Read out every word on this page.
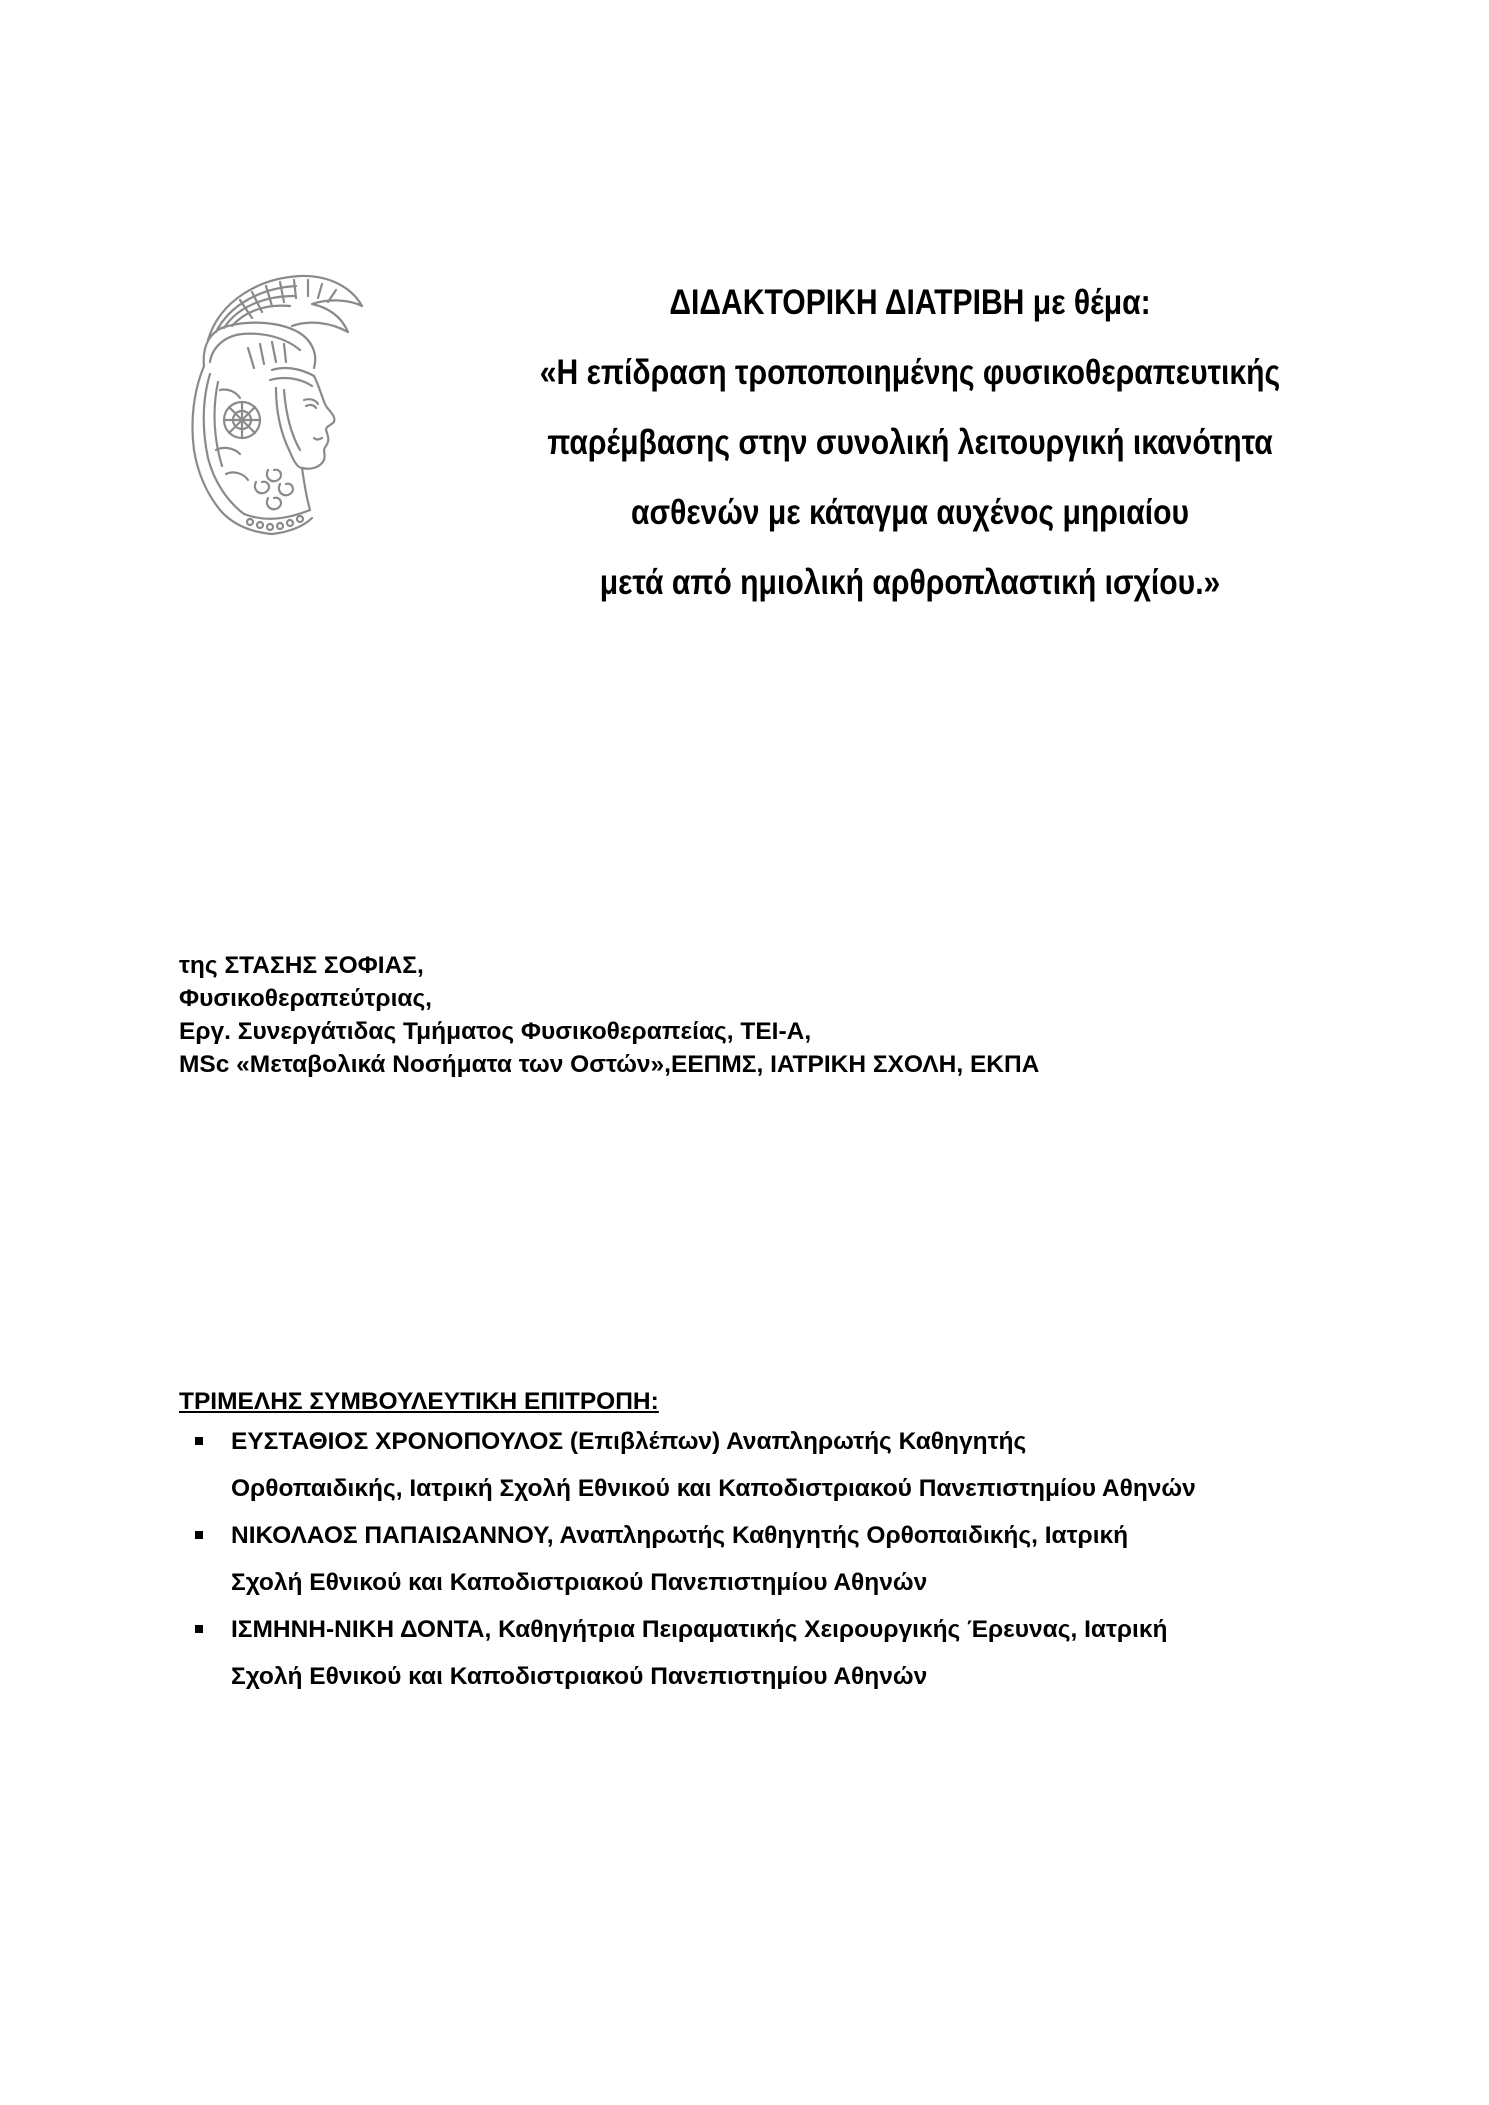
ΔΙΔΑΚΤΟΡΙΚΗ ΔΙΑΤΡΙΒΗ με θέμα:
«Η επίδραση τροποποιημένης φυσικοθεραπευτικής
παρέμβασης στην συνολική λειτουργική ικανότητα
ασθενών με κάταγμα αυχένος μηριαίου
μετά από ημιολική αρθροπλαστική ισχίου.»
της ΣΤΑΣΗΣ ΣΟΦΙΑΣ,
Φυσικοθεραπεύτριας,
Εργ. Συνεργάτιδας Τμήματος Φυσικοθεραπείας, ΤΕΙ-Α,
MSc «Μεταβολικά Νοσήματα των Οστών»,ΕΕΠΜΣ, ΙΑΤΡΙΚΗ ΣΧΟΛΗ, ΕΚΠΑ
ΤΡΙΜΕΛΗΣ ΣΥΜΒΟΥΛΕΥΤΙΚΗ ΕΠΙΤΡΟΠΗ:
ΕΥΣΤΑΘΙΟΣ ΧΡΟΝΟΠΟΥΛΟΣ (Επιβλέπων) Αναπληρωτής Καθηγητής
Ορθοπαιδικής, Ιατρική Σχολή Εθνικού και Καποδιστριακού Πανεπιστημίου Αθηνών
ΝΙΚΟΛΑΟΣ ΠΑΠΑΙΩΑΝΝΟΥ, Αναπληρωτής Καθηγητής Ορθοπαιδικής, Ιατρική
Σχολή Εθνικού και Καποδιστριακού Πανεπιστημίου Αθηνών
ΙΣΜΗΝΗ-ΝΙΚΗ ΔΟΝΤΑ, Καθηγήτρια Πειραματικής Χειρουργικής Έρευνας, Ιατρική
Σχολή Εθνικού και Καποδιστριακού Πανεπιστημίου Αθηνών
